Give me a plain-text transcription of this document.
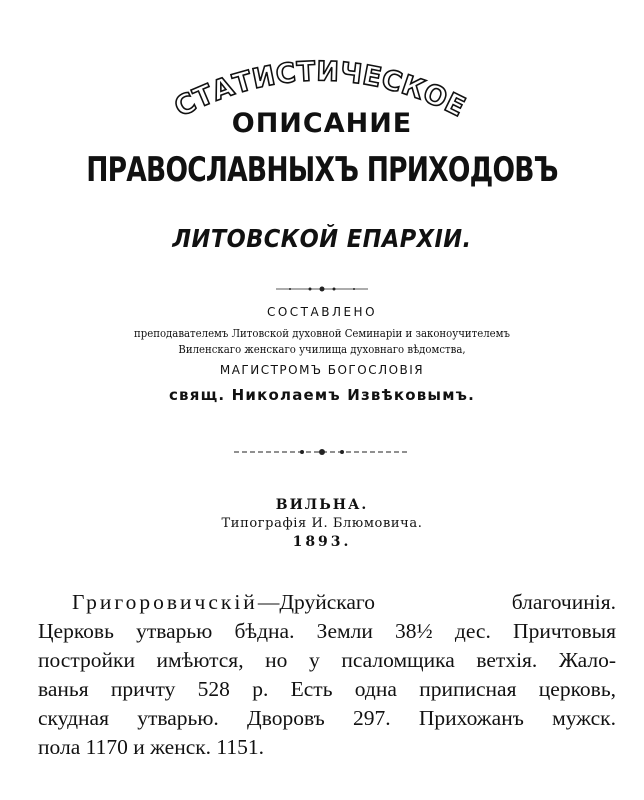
СТАТИСТИЧЕСКОЕ
ОПИСАНИЕ
ПРАВОСЛАВНЫХЪ ПРИХОДОВЪ
ЛИТОВСКОЙ ЕПАРХІИ.
СОСТАВЛЕНО
преподавателемъ Литовской духовной Семинаріи и законоучителемъ
Виленскаго женскаго училища духовнаго вѣдомства,
МАГИСТРОМЪ БОГОСЛОВІЯ
свящ. Николаемъ Извѣковымъ.
ВИЛЬНА.
Типографія И. Блюмовича.
1893.
Григоровичскій—Друйскаго благочинія.
Церковь утварью бѣдна. Земли 38½ дес. Причтовыя
постройки имѣются, но у псаломщика ветхія. Жало-
ванья причту 528 р. Есть одна приписная церковь,
скудная утварью. Дворовъ 297. Прихожанъ мужск.
пола 1170 и женск. 1151.
